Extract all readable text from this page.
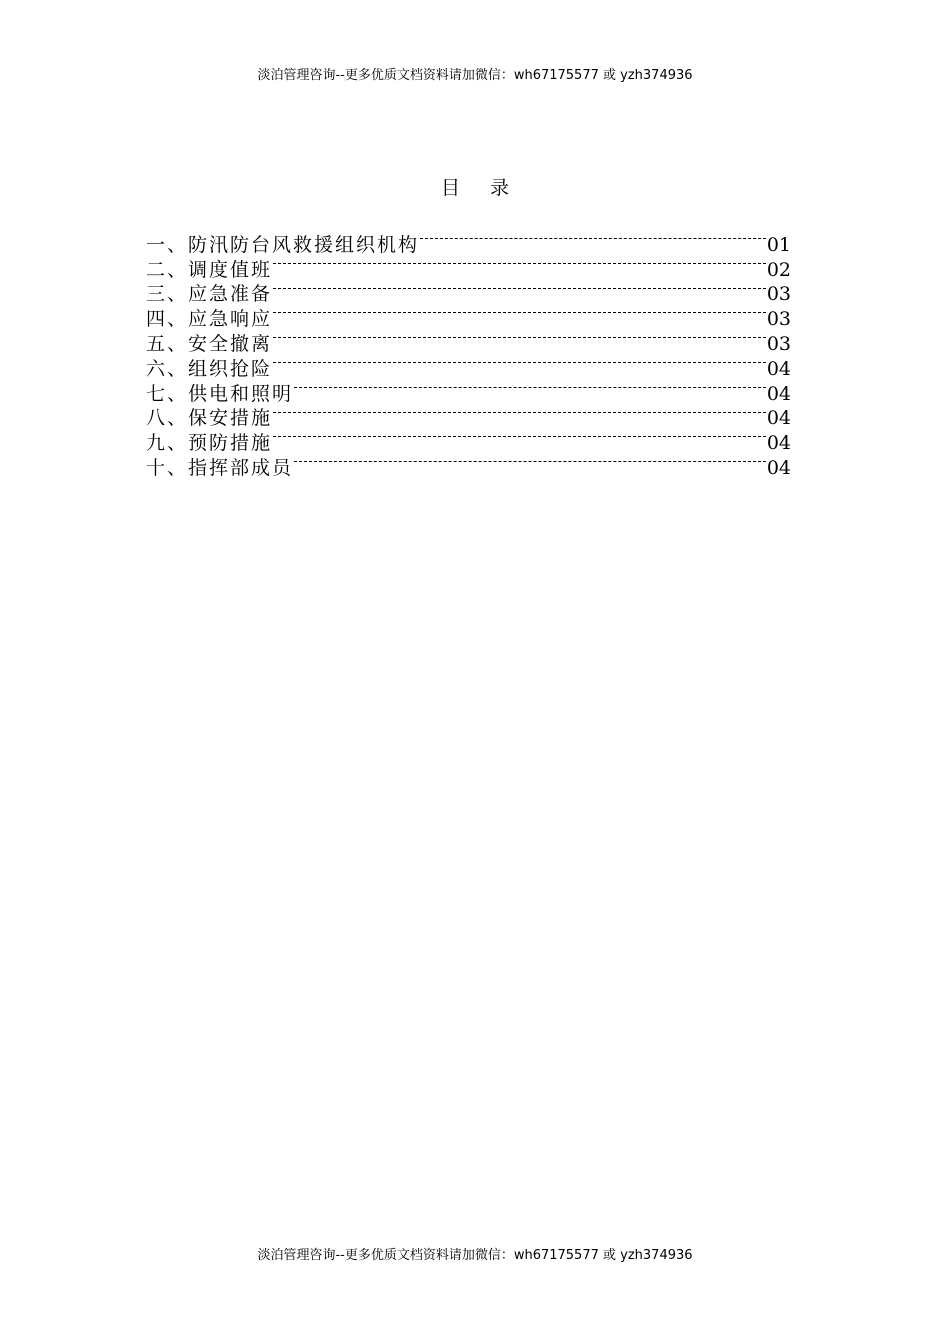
淡泊管理咨询--更多优质文档资料请加微信：wh67175577 或 yzh374936
目录
一、 防汛防台风救援组织机构	01
二、 调度值班	02
三、 应急准备	03
四、 应急响应	03
五、 安全撤离	03
六、 组织抢险	04
七、 供电和照明	04
八、 保安措施	04
九、 预防措施	04
十、 指挥部成员	04
淡泊管理咨询--更多优质文档资料请加微信：wh67175577 或 yzh374936
